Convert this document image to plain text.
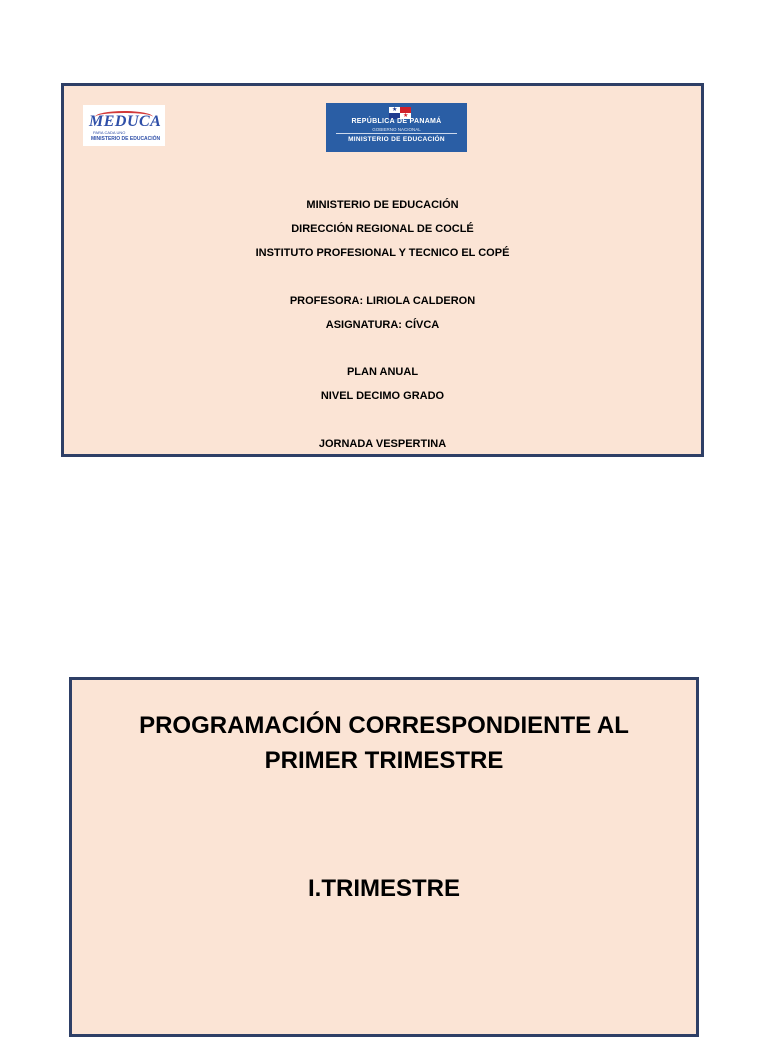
MEDUCA
PARA CADA UNO
MINISTERIO DE EDUCACIÓN
★
★
REPÚBLICA DE PANAMÁ
GOBIERNO NACIONAL
MINISTERIO DE EDUCACIÓN
MINISTERIO DE EDUCACIÓN
DIRECCIÓN REGIONAL DE COCLÉ
INSTITUTO PROFESIONAL Y TECNICO EL COPÉ
PROFESORA: LIRIOLA CALDERON
ASIGNATURA: CÍVCA
PLAN ANUAL
NIVEL DECIMO GRADO
JORNADA VESPERTINA
PROGRAMACIÓN CORRESPONDIENTE AL
PRIMER TRIMESTRE
I.TRIMESTRE
